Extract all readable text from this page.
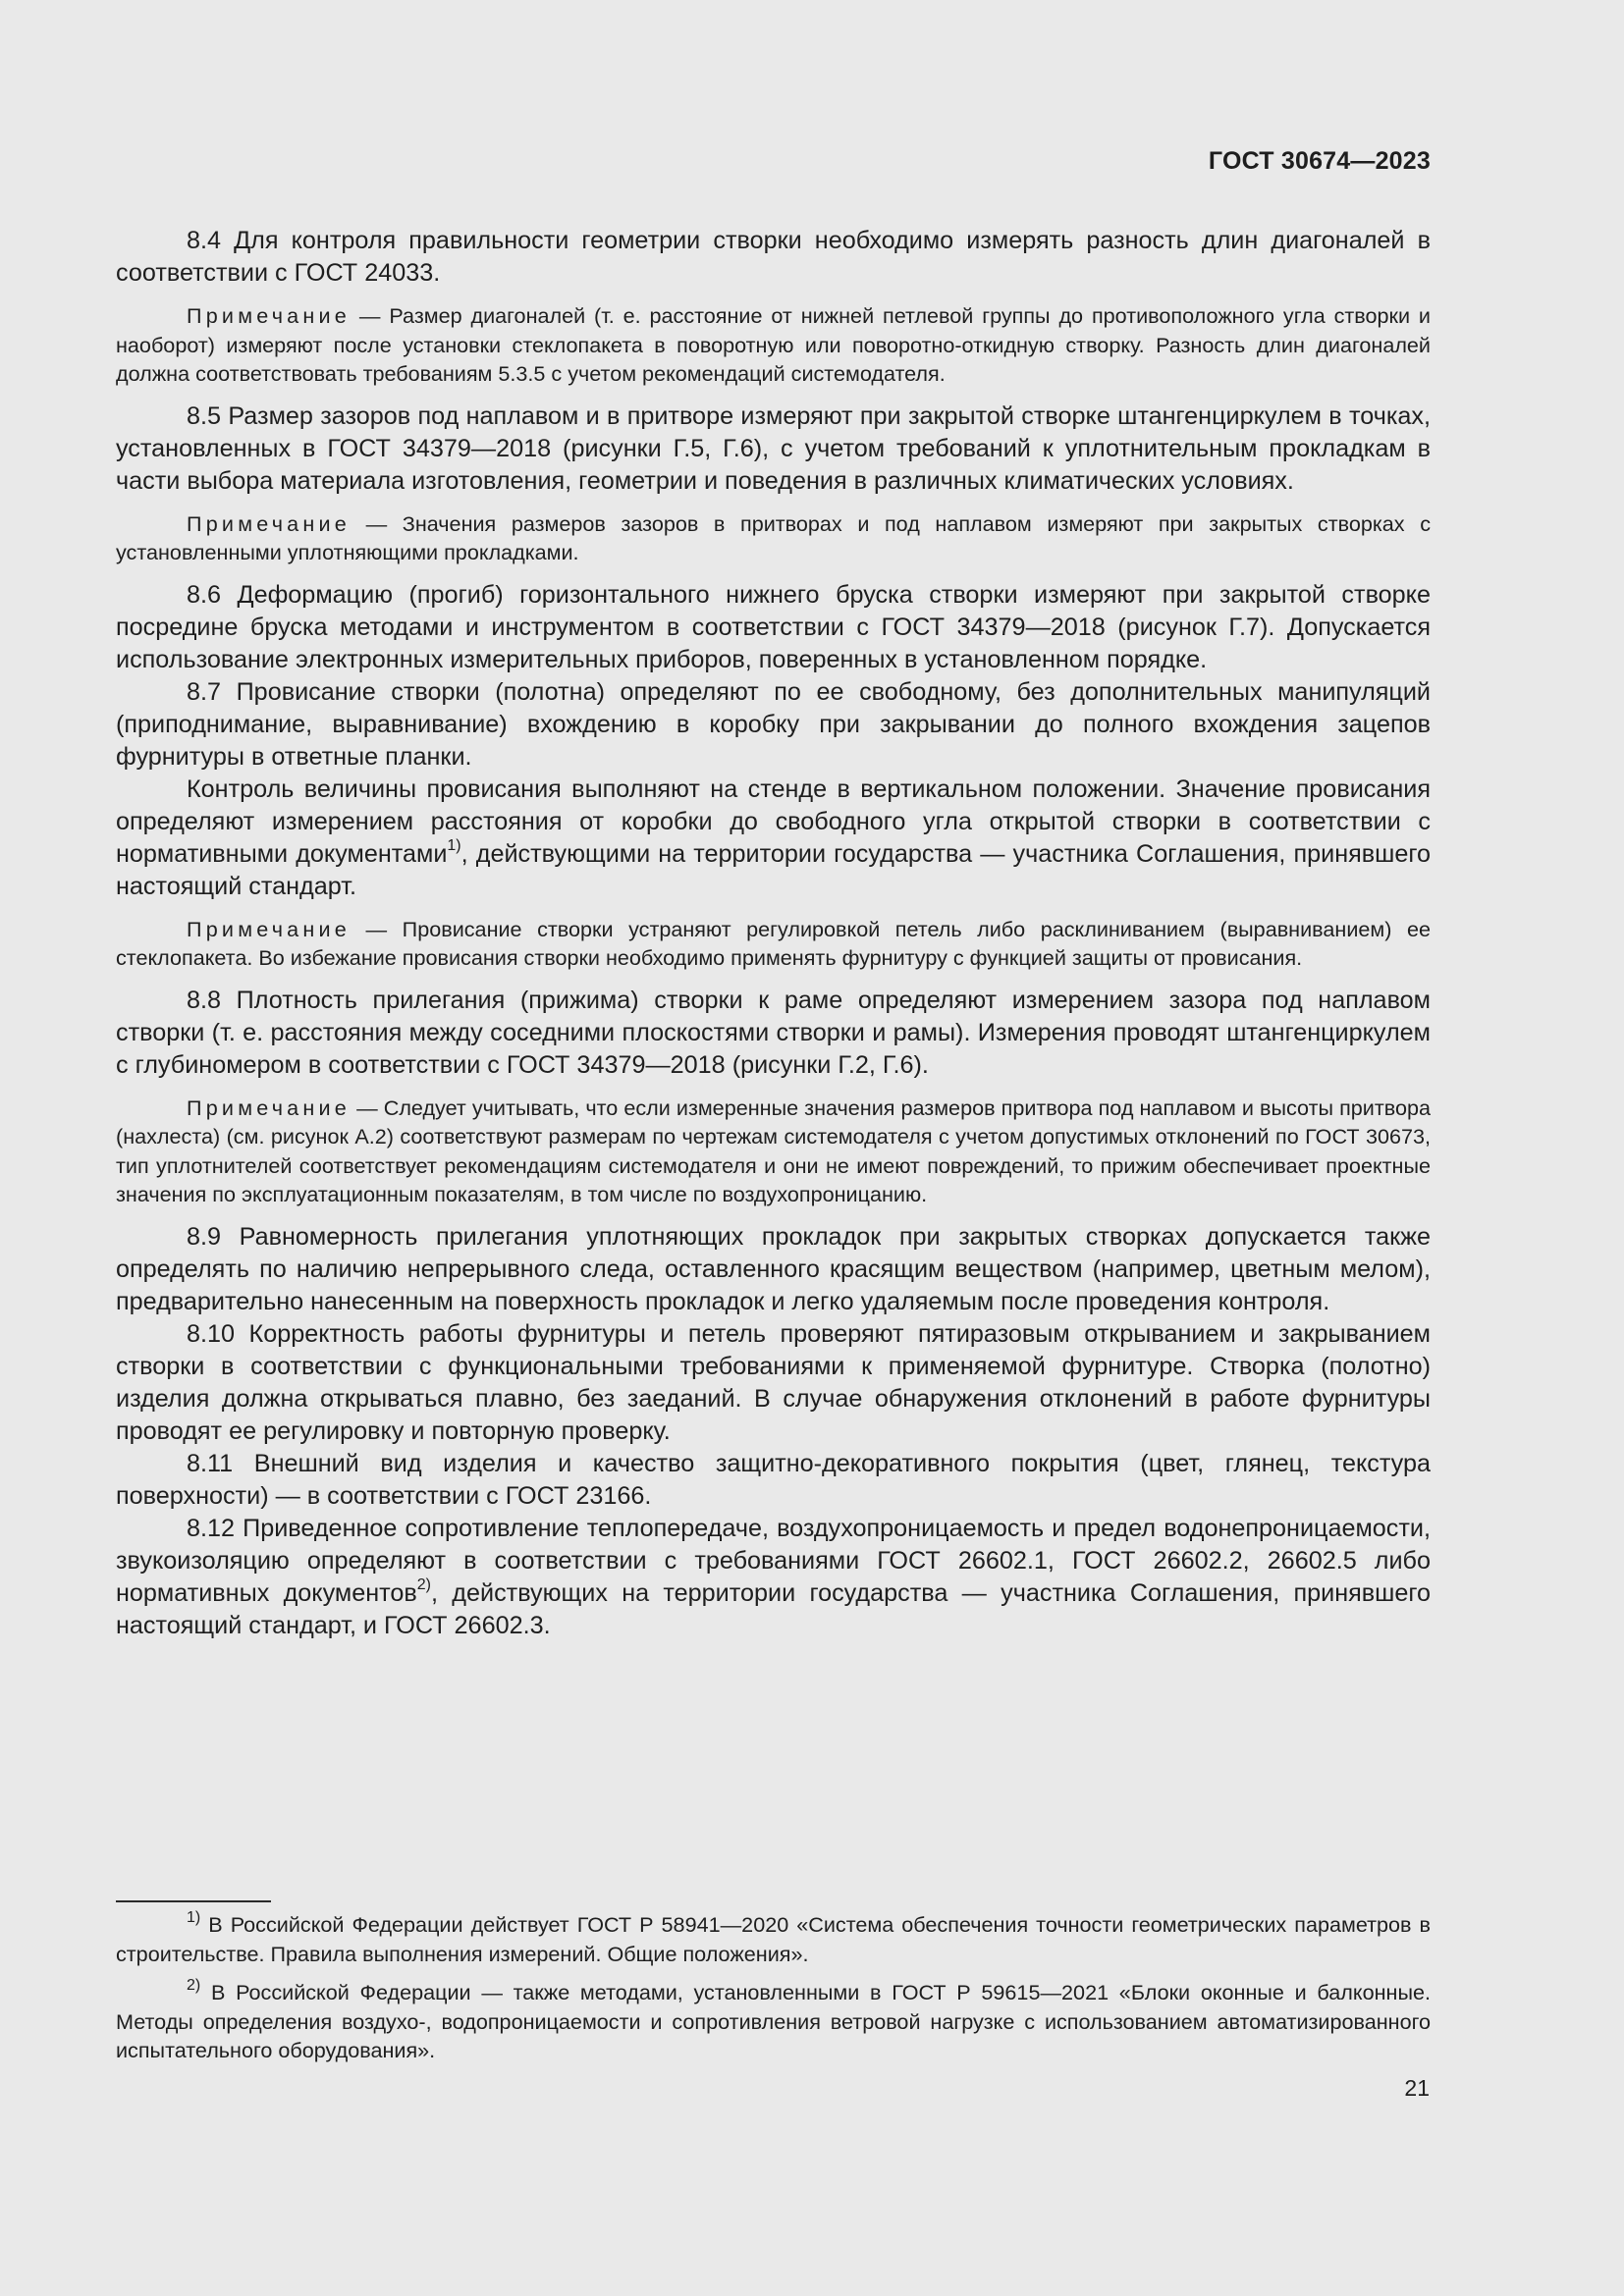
ГОСТ 30674—2023

8.4 Для контроля правильности геометрии створки необходимо измерять разность длин диагоналей в соответствии с ГОСТ 24033.

Примечание — Размер диагоналей (т. е. расстояние от нижней петлевой группы до противоположного угла створки и наоборот) измеряют после установки стеклопакета в поворотную или поворотно-откидную створку. Разность длин диагоналей должна соответствовать требованиям 5.3.5 с учетом рекомендаций системодателя.

8.5 Размер зазоров под наплавом и в притворе измеряют при закрытой створке штангенциркулем в точках, установленных в ГОСТ 34379—2018 (рисунки Г.5, Г.6), с учетом требований к уплотнительным прокладкам в части выбора материала изготовления, геометрии и поведения в различных климатических условиях.

Примечание — Значения размеров зазоров в притворах и под наплавом измеряют при закрытых створках с установленными уплотняющими прокладками.

8.6 Деформацию (прогиб) горизонтального нижнего бруска створки измеряют при закрытой створке посредине бруска методами и инструментом в соответствии с ГОСТ 34379—2018 (рисунок Г.7). Допускается использование электронных измерительных приборов, поверенных в установленном порядке.

8.7 Провисание створки (полотна) определяют по ее свободному, без дополнительных манипуляций (приподнимание, выравнивание) вхождению в коробку при закрывании до полного вхождения зацепов фурнитуры в ответные планки.

Контроль величины провисания выполняют на стенде в вертикальном положении. Значение провисания определяют измерением расстояния от коробки до свободного угла открытой створки в соответствии с нормативными документами$^{1)}$, действующими на территории государства — участника Соглашения, принявшего настоящий стандарт.

Примечание — Провисание створки устраняют регулировкой петель либо расклиниванием (выравниванием) ее стеклопакета. Во избежание провисания створки необходимо применять фурнитуру с функцией защиты от провисания.

8.8 Плотность прилегания (прижима) створки к раме определяют измерением зазора под наплавом створки (т. е. расстояния между соседними плоскостями створки и рамы). Измерения проводят штангенциркулем с глубиномером в соответствии с ГОСТ 34379—2018 (рисунки Г.2, Г.6).

Примечание — Следует учитывать, что если измеренные значения размеров притвора под наплавом и высоты притвора (нахлеста) (см. рисунок А.2) соответствуют размерам по чертежам системодателя с учетом допустимых отклонений по ГОСТ 30673, тип уплотнителей соответствует рекомендациям системодателя и они не имеют повреждений, то прижим обеспечивает проектные значения по эксплуатационным показателям, в том числе по воздухопроницанию.

8.9 Равномерность прилегания уплотняющих прокладок при закрытых створках допускается также определять по наличию непрерывного следа, оставленного красящим веществом (например, цветным мелом), предварительно нанесенным на поверхность прокладок и легко удаляемым после проведения контроля.

8.10 Корректность работы фурнитуры и петель проверяют пятиразовым открыванием и закрыванием створки в соответствии с функциональными требованиями к применяемой фурнитуре. Створка (полотно) изделия должна открываться плавно, без заеданий. В случае обнаружения отклонений в работе фурнитуры проводят ее регулировку и повторную проверку.

8.11 Внешний вид изделия и качество защитно-декоративного покрытия (цвет, глянец, текстура поверхности) — в соответствии с ГОСТ 23166.

8.12 Приведенное сопротивление теплопередаче, воздухопроницаемость и предел водонепроницаемости, звукоизоляцию определяют в соответствии с требованиями ГОСТ 26602.1, ГОСТ 26602.2, 26602.5 либо нормативных документов$^{2)}$, действующих на территории государства — участника Соглашения, принявшего настоящий стандарт, и ГОСТ 26602.3.

$^{1)}$ В Российской Федерации действует ГОСТ Р 58941—2020 «Система обеспечения точности геометрических параметров в строительстве. Правила выполнения измерений. Общие положения».

$^{2)}$ В Российской Федерации — также методами, установленными в ГОСТ Р 59615—2021 «Блоки оконные и балконные. Методы определения воздухо-, водопроницаемости и сопротивления ветровой нагрузке с использованием автоматизированного испытательного оборудования».

21
